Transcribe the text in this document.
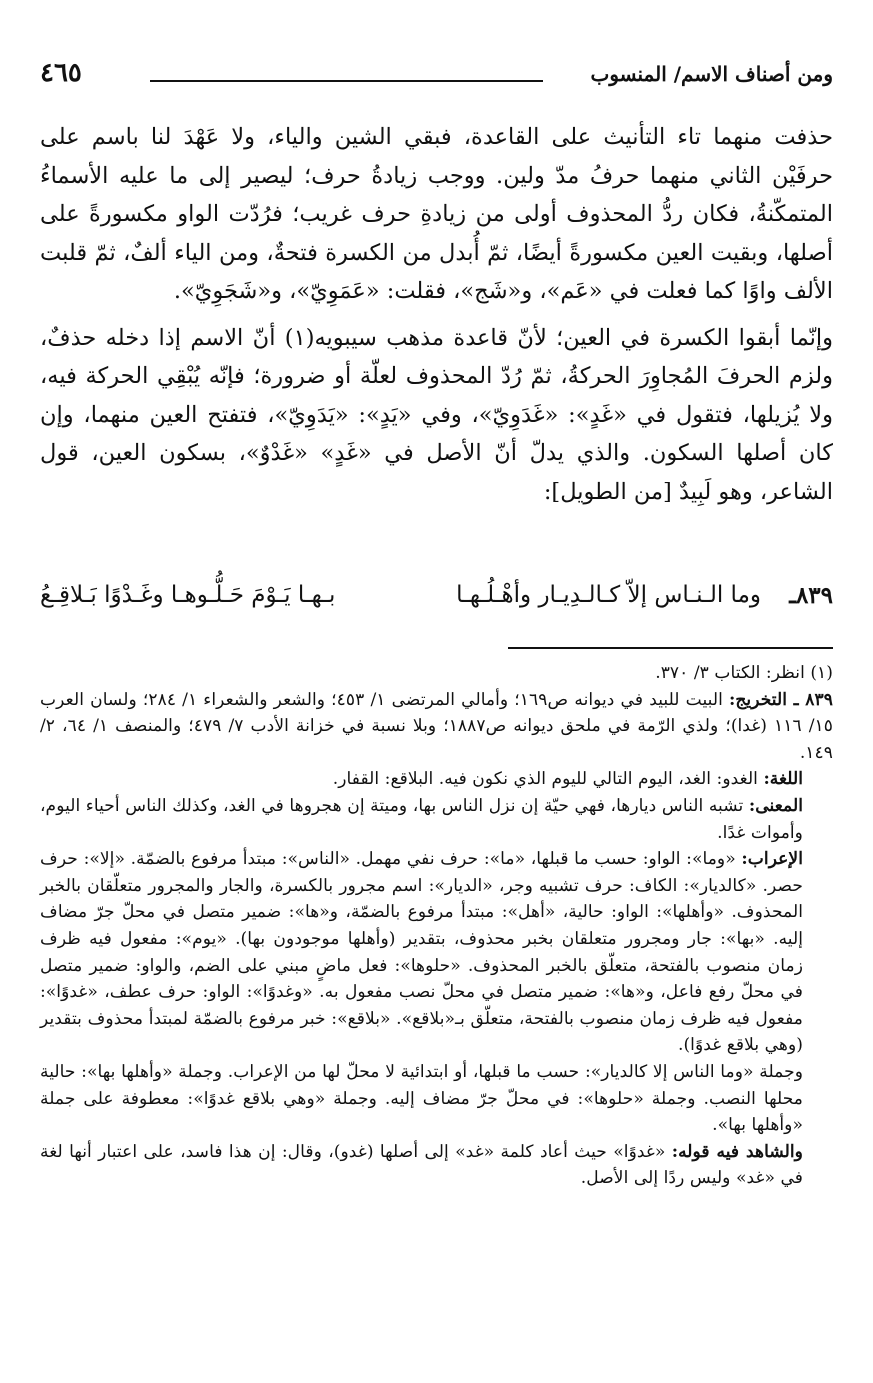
ومن أصناف الاسم/ المنسوب
٤٦٥

حذفت منهما تاء التأنيث على القاعدة، فبقي الشين والياء، ولا عَهْدَ لنا باسم على حرفَيْن الثاني منهما حرفُ مدّ ولين. ووجب زيادةُ حرف؛ ليصير إلى ما عليه الأسماءُ المتمكّنةُ، فكان ردُّ المحذوف أولى من زيادةِ حرف غريب؛ فرُدّت الواو مكسورةً على أصلها، وبقيت العين مكسورةً أيضًا، ثمّ أُبدل من الكسرة فتحةٌ، ومن الياء ألفٌ، ثمّ قلبت الألف واوًا كما فعلت في «عَم»، و«شَج»، فقلت: «عَمَوِيّ»، و«شَجَوِيّ».

وإنّما أبقوا الكسرة في العين؛ لأنّ قاعدة مذهب سيبويه(١) أنّ الاسم إذا دخله حذفٌ، ولزم الحرفَ المُجاوِرَ الحركةُ، ثمّ رُدّ المحذوف لعلّة أو ضرورة؛ فإنّه يُبْقِي الحركة فيه، ولا يُزيلها، فتقول في «غَدٍ»: «غَدَوِيّ»، وفي «يَدٍ»: «يَدَوِيّ»، فتفتح العين منهما، وإن كان أصلها السكون. والذي يدلّ أنّ الأصل في «غَدٍ» «غَدْوٌ»، بسكون العين، قول الشاعر، وهو لَبِيدٌ [من الطويل]:

٨٣٩ـ
وما الـنـاس إلاّ كـالـدِيـار وأهْـلُـهـا
بـهـا يَـوْمَ حَـلُّـوهـا وغَـدْوًا بَـلاقِـعُ

(١) انظر: الكتاب ٣/ ٣٧٠.

٨٣٩ ـ التخريج: البيت للبيد في ديوانه ص١٦٩؛ وأمالي المرتضى ١/ ٤٥٣؛ والشعر والشعراء ١/ ٢٨٤؛ ولسان العرب ١٥/ ١١٦ (غدا)؛ ولذي الرّمة في ملحق ديوانه ص١٨٨٧؛ وبلا نسبة في خزانة الأدب ٧/ ٤٧٩؛ والمنصف ١/ ٦٤، ٢/ ١٤٩.

اللغة: الغدو: الغد، اليوم التالي لليوم الذي نكون فيه. البلاقع: القفار.

المعنى: تشبه الناس ديارها، فهي حيّة إن نزل الناس بها، وميتة إن هجروها في الغد، وكذلك الناس أحياء اليوم، وأموات غدًا.

الإعراب: «وما»: الواو: حسب ما قبلها، «ما»: حرف نفي مهمل. «الناس»: مبتدأ مرفوع بالضمّة. «إلا»: حرف حصر. «كالديار»: الكاف: حرف تشبيه وجر، «الديار»: اسم مجرور بالكسرة، والجار والمجرور متعلّقان بالخبر المحذوف. «وأهلها»: الواو: حالية، «أهل»: مبتدأ مرفوع بالضمّة، و«ها»: ضمير متصل في محلّ جرّ مضاف إليه. «بها»: جار ومجرور متعلقان بخبر محذوف، بتقدير (وأهلها موجودون بها). «يوم»: مفعول فيه ظرف زمان منصوب بالفتحة، متعلّق بالخبر المحذوف. «حلوها»: فعل ماضٍ مبني على الضم، والواو: ضمير متصل في محلّ رفع فاعل، و«ها»: ضمير متصل في محلّ نصب مفعول به. «وغدوًا»: الواو: حرف عطف، «غدوًا»: مفعول فيه ظرف زمان منصوب بالفتحة، متعلّق بـ«بلاقع». «بلاقع»: خبر مرفوع بالضمّة لمبتدأ محذوف بتقدير (وهي بلاقع غدوًا).

وجملة «وما الناس إلا كالديار»: حسب ما قبلها، أو ابتدائية لا محلّ لها من الإعراب. وجملة «وأهلها بها»: حالية محلها النصب. وجملة «حلوها»: في محلّ جرّ مضاف إليه. وجملة «وهي بلاقع غدوًا»: معطوفة على جملة «وأهلها بها».

والشاهد فيه قوله: «غدوًا» حيث أعاد كلمة «غد» إلى أصلها (غدو)، وقال: إن هذا فاسد، على اعتبار أنها لغة في «غد» وليس ردًا إلى الأصل.
